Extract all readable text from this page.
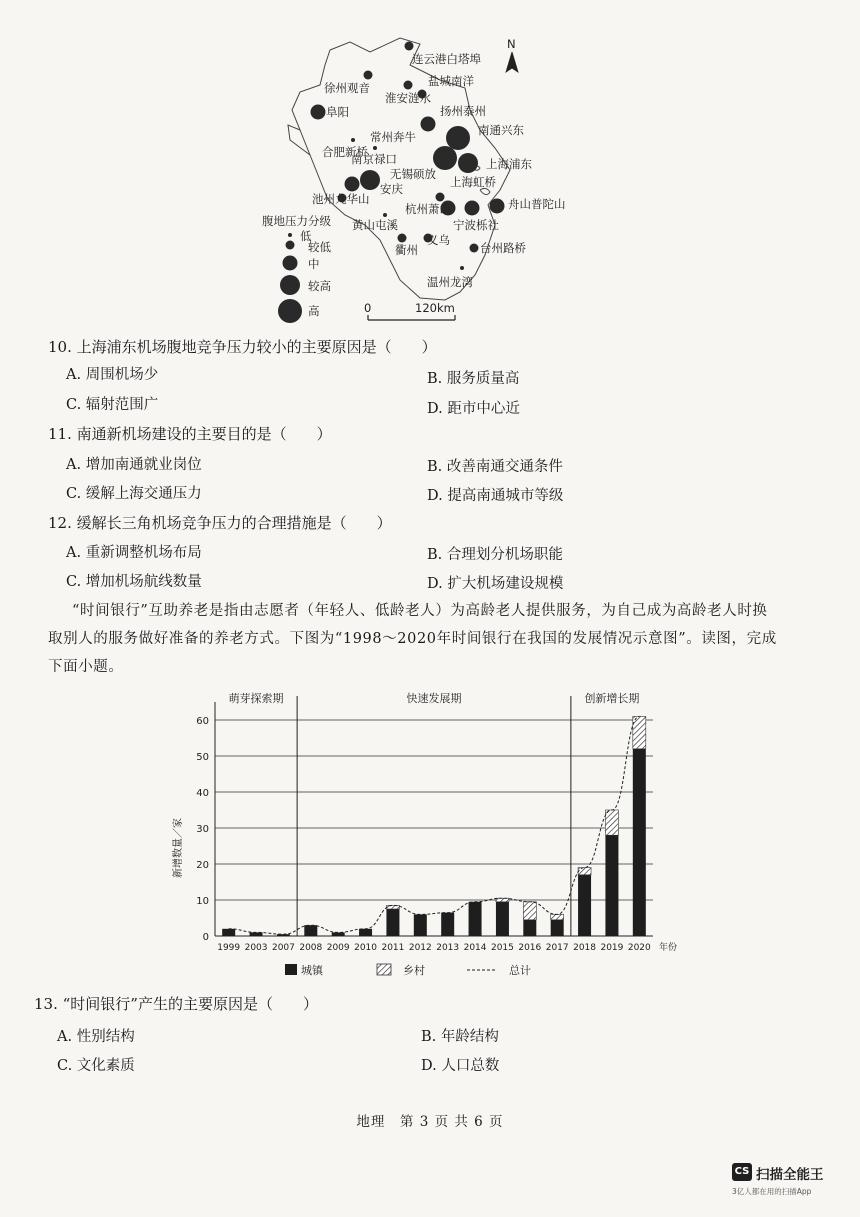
N
连云港白塔埠
徐州观音	盐城南洋
淮安涟水
阜阳	扬州泰州
南通兴东
合肥新桥
常州奔牛
南京禄口	上海浦东
无锡硕放
安庆	上海虹桥
池州九华山
杭州萧山	舟山普陀山
黄山屯溪	宁波栎社
衢州
义乌
台州路桥
温州龙湾
腹地压力分级
低
较低
中
较高
高	0	120km
10. 上海浦东机场腹地竞争压力较小的主要原因是（　　）
A. 周围机场少	B. 服务质量高
C. 辐射范围广	D. 距市中心近
11. 南通新机场建设的主要目的是（　　）
A. 增加南通就业岗位	B. 改善南通交通条件
C. 缓解上海交通压力	D. 提高南通城市等级
12. 缓解长三角机场竞争压力的合理措施是（　　）
A. 重新调整机场布局	B. 合理划分机场职能
C. 增加机场航线数量	D. 扩大机场建设规模
“时间银行”互助养老是指由志愿者（年轻人、低龄老人）为高龄老人提供服务，为自己成为高龄老人时换
取别人的服务做好准备的养老方式。下图为“1998～2020年时间银行在我国的发展情况示意图”。读图，完成
下面小题。
0
10
20
30
40
50
60
1999 2003 2007 2008 2009 2010 2011 2012 2013 2014 2015 2016 2017 2018 2019 2020 年份
萌芽探索期	快速发展期	创新增长期
新增数量／家
城镇	乡村	总计
13. “时间银行”产生的主要原因是（　　）
A. 性别结构	B. 年龄结构
C. 文化素质	D. 人口总数
地理　第 3 页 共 6 页
CS 扫描全能王
3亿人都在用的扫描App
